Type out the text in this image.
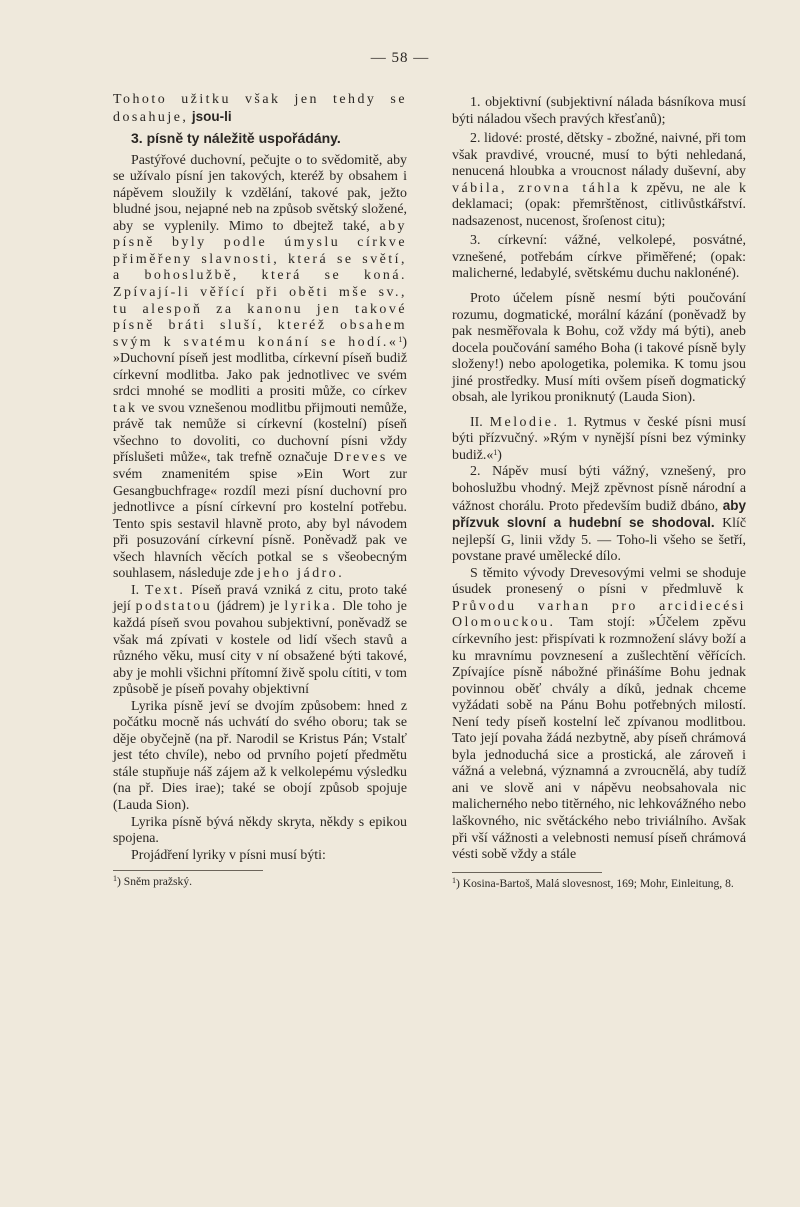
— 58 —

Tohoto užitku však jen tehdy se dosahuje, jsou-li

3. písně ty náležitě uspořádány.

Pastýřové duchovní, pečujte o to svědomitě, aby se užívalo písní jen takových, kteréž by obsahem i nápěvem sloužily k vzdělání, takové pak, ježto bludné jsou, nejapné neb na způsob světský složené, aby se vyplenily. Mimo to dbejtež také, aby písně byly podle úmyslu církve přiměřeny slavnosti, která se světí, a bohoslužbě, která se koná. Zpívají-li věřící při oběti mše sv., tu alespoň za kanonu jen takové písně bráti sluší, kteréž obsahem svým k svatému konání se hodí.«$^1$) »Duchovní píseň jest modlitba, církevní píseň budiž církevní modlitba. Jako pak jednotlivec ve svém srdci mnohé se modliti a prositi může, co církev tak ve svou vznešenou modlitbu přijmouti nemůže, právě tak nemůže si církevní (kostelní) píseň všechno to dovoliti, co duchovní písni vždy příslušeti může«, tak trefně označuje Dreves ve svém znamenitém spise »Ein Wort zur Gesangbuchfrage« rozdíl mezi písní duchovní pro jednotlivce a písní církevní pro kostelní potřebu. Tento spis sestavil hlavně proto, aby byl návodem při posuzování církevní písně. Poněvadž pak ve všech hlavních věcích potkal se s všeobecným souhlasem, následuje zde jeho jádro.

I. Text. Píseň pravá vzniká z citu, proto také její podstatou (jádrem) je lyrika. Dle toho je každá píseň svou povahou subjektivní, poněvadž se však má zpívati v kostele od lidí všech stavů a různého věku, musí city v ní obsažené býti takové, aby je mohli všichni přítomní živě spolu cítiti, v tom způsobě je píseň povahy objektivní

Lyrika písně jeví se dvojím způsobem: hned z počátku mocně nás uchvátí do svého oboru; tak se děje obyčejně (na př. Narodil se Kristus Pán; Vstalť jest této chvíle), nebo od prvního pojetí předmětu stále stupňuje náš zájem až k velkolepému výsledku (na př. Dies irae); také se obojí způsob spojuje (Lauda Sion).

Lyrika písně bývá někdy skryta, někdy s epikou spojena.

Projádření lyriky v písni musí býti:

$^1$) Sněm pražský.

1. objektivní (subjektivní nálada básníkova musí býti náladou všech pravých křesťanů);

2. lidové: prosté, dětsky - zbožné, naivné, při tom však pravdivé, vroucné, musí to býti nehledaná, nenucená hloubka a vroucnost nálady duševní, aby vábila, zrovna táhla k zpěvu, ne ale k deklamaci; (opak: přemrštěnost, citlivůstkářství. nadsazenost, nucenost, šroſenost citu);

3. církevní: vážné, velkolepé, posvátné, vznešené, potřebám církve přiměřené; (opak: malicherné, ledabylé, světskému duchu naklonéné).

Proto účelem písně nesmí býti poučování rozumu, dogmatické, morální kázání (poněvadž by pak nesměřovala k Bohu, což vždy má býti), aneb docela poučování samého Boha (i takové písně byly složeny!) nebo apologetika, polemika. K tomu jsou jiné prostředky. Musí míti ovšem píseň dogmatický obsah, ale lyrikou proniknutý (Lauda Sion).

II. Melodie. 1. Rytmus v české písni musí býti přízvučný. »Rým v nynější písni bez výminky budiž.«$^1$)

2. Nápěv musí býti vážný, vznešený, pro bohoslužbu vhodný. Mejž zpěvnost písně národní a vážnost chorálu. Proto především budiž dbáno, aby přízvuk slovní a hudební se shodoval. Klíč nejlepší G, linii vždy 5. — Toho-li všeho se šetří, povstane pravé umělecké dílo.

S těmito vývody Drevesovými velmi se shoduje úsudek pronesený o písni v předmluvě k Průvodu varhan pro arcidiecési Olomouckou. Tam stojí: »Účelem zpěvu církevního jest: přispívati k rozmnožení slávy boží a ku mravnímu povznesení a zušlechtění věřících. Zpívajíce písně nábožné přinášíme Bohu jednak povinnou oběť chvály a díků, jednak chceme vyžádati sobě na Pánu Bohu potřebných milostí. Není tedy píseň kostelní leč zpívanou modlitbou. Tato její povaha žádá nezbytně, aby píseň chrámová byla jednoduchá sice a prostická, ale zároveň i vážná a velebná, významná a zvroucnělá, aby tudíž ani ve slově ani v nápěvu neobsahovala nic malicherného nebo titěrného, nic lehkovážného nebo laškovného, nic světáckého nebo triviálního. Avšak při vší vážnosti a velebnosti nemusí píseň chrámová vésti sobě vždy a stále

$^1$) Kosina-Bartoš, Malá slovesnost, 169; Mohr, Einleitung, 8.
